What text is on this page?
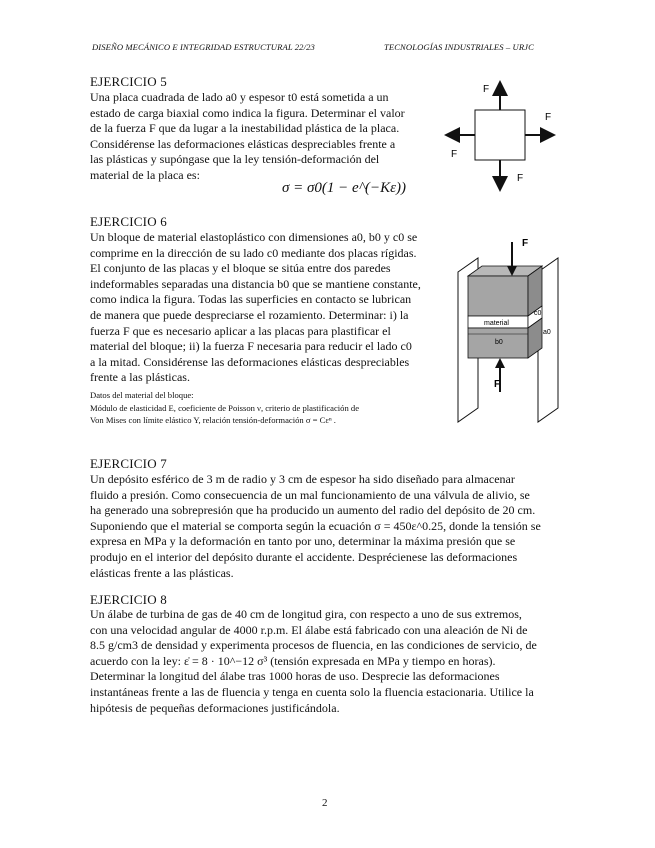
DISEÑO MECÁNICO E INTEGRIDAD ESTRUCTURAL 22/23	TECNOLOGÍAS INDUSTRIALES – URJC
EJERCICIO 5
Una placa cuadrada de lado a0 y espesor t0 está sometida a un
estado de carga biaxial como indica la figura. Determinar el valor
de la fuerza F que da lugar a la inestabilidad plástica de la placa.
Considérense las deformaciones elásticas despreciables frente a
las plásticas y supóngase que la ley tensión-deformación del
material de la placa es:
σ = σ0(1 − e^(−Kε))
F
F
F
F
EJERCICIO 6
Un bloque de material elastoplástico con dimensiones a0, b0 y c0 se
comprime en la dirección de su lado c0 mediante dos placas rígidas.
El conjunto de las placas y el bloque se sitúa entre dos paredes
indeformables separadas una distancia b0 que se mantiene constante,
como indica la figura. Todas las superficies en contacto se lubrican
de manera que puede despreciarse el rozamiento. Determinar: i) la
fuerza F que es necesario aplicar a las placas para plastificar el
material del bloque; ii) la fuerza F necesaria para reducir el lado c0
a la mitad. Considérense las deformaciones elásticas despreciables
frente a las plásticas.
Datos del material del bloque:
Módulo de elasticidad E, coeficiente de Poisson ν, criterio de plastificación de
Von Mises con límite elástico Y, relación tensión-deformación σ = Cεⁿ .
F
F
material
c0
a0
b0
EJERCICIO 7
Un depósito esférico de 3 m de radio y 3 cm de espesor ha sido diseñado para almacenar
fluido a presión. Como consecuencia de un mal funcionamiento de una válvula de alivio, se
ha generado una sobrepresión que ha producido un aumento del radio del depósito de 20 cm.
Suponiendo que el material se comporta según la ecuación σ = 450ε^0.25, donde la tensión se
expresa en MPa y la deformación en tanto por uno, determinar la máxima presión que se
produjo en el interior del depósito durante el accidente. Desprécienese las deformaciones
elásticas frente a las plásticas.
EJERCICIO 8
Un álabe de turbina de gas de 40 cm de longitud gira, con respecto a uno de sus extremos,
con una velocidad angular de 4000 r.p.m. El álabe está fabricado con una aleación de Ni de
8.5 g/cm3 de densidad y experimenta procesos de fluencia, en las condiciones de servicio, de
acuerdo con la ley: ε̇ = 8 · 10^−12 σ³ (tensión expresada en MPa y tiempo en horas).
Determinar la longitud del álabe tras 1000 horas de uso. Desprecie las deformaciones
instantáneas frente a las de fluencia y tenga en cuenta solo la fluencia estacionaria. Utilice la
hipótesis de pequeñas deformaciones justificándola.
2
